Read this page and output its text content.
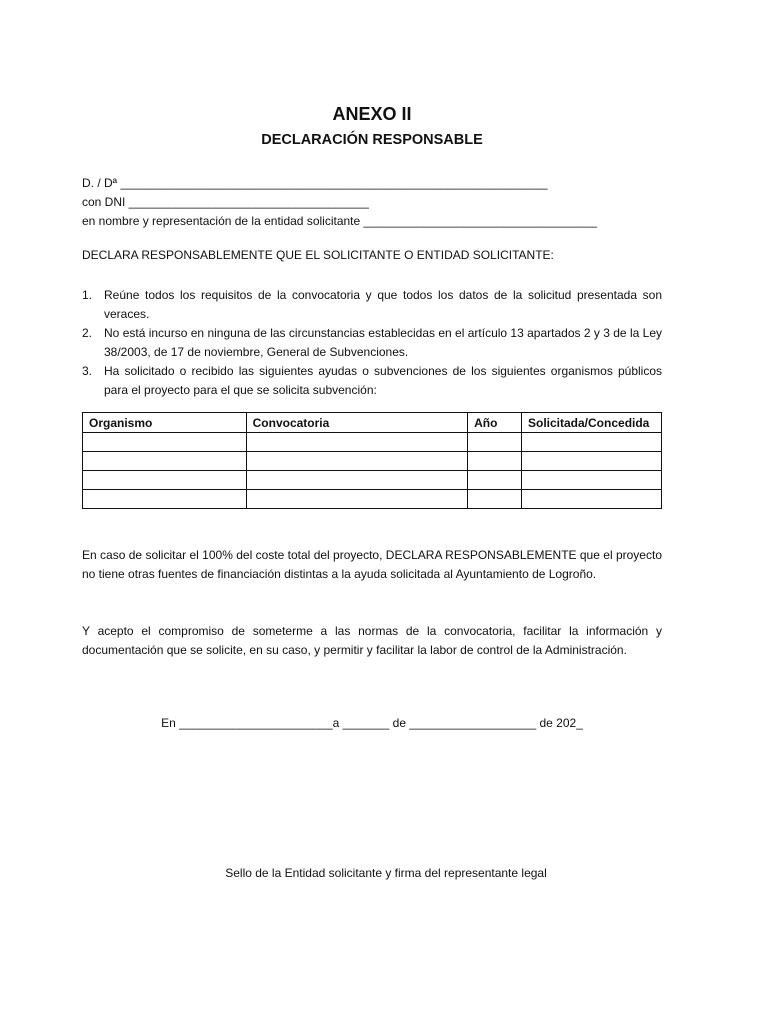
ANEXO II
DECLARACIÓN RESPONSABLE
D. / Dª ________________________________________________________________
con DNI ____________________________________
en nombre y representación de la entidad solicitante ___________________________________
DECLARA RESPONSABLEMENTE QUE EL SOLICITANTE O ENTIDAD SOLICITANTE:
1. Reúne todos los requisitos de la convocatoria y que todos los datos de la solicitud presentada son veraces.
2. No está incurso en ninguna de las circunstancias establecidas en el artículo 13 apartados 2 y 3 de la Ley 38/2003, de 17 de noviembre, General de Subvenciones.
3. Ha solicitado o recibido las siguientes ayudas o subvenciones de los siguientes organismos públicos para el proyecto para el que se solicita subvención:
Organismo	Convocatoria	Año	Solicitada/Concedida

En caso de solicitar el 100% del coste total del proyecto, DECLARA RESPONSABLEMENTE que el proyecto no tiene otras fuentes de financiación distintas a la ayuda solicitada al Ayuntamiento de Logroño.
Y acepto el compromiso de someterme a las normas de la convocatoria, facilitar la información y documentación que se solicite, en su caso, y permitir y facilitar la labor de control de la Administración.
En _______________________a _______ de ___________________ de 202_
Sello de la Entidad solicitante y firma del representante legal
